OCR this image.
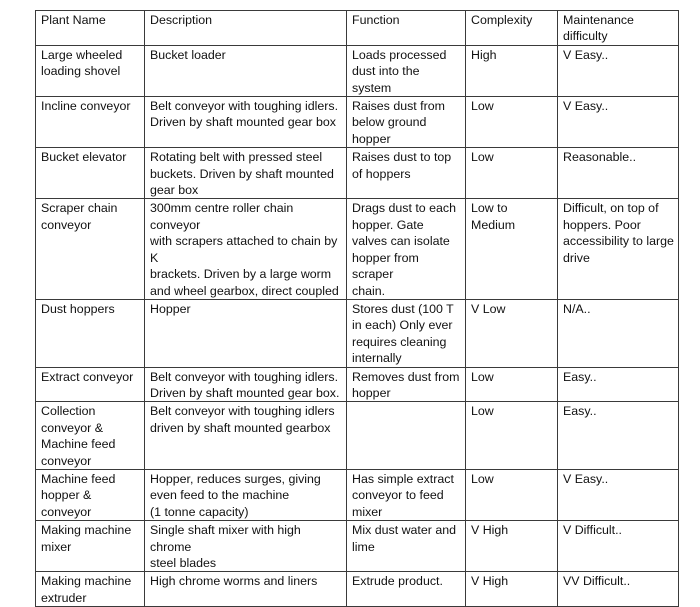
Plant Name	Description	Function	Complexity	Maintenance
difficulty
Large wheeled
loading shovel	Bucket loader	Loads processed
dust into the system	High	V Easy..
Incline conveyor	Belt conveyor with toughing idlers.
Driven by shaft mounted gear box	Raises dust from
below ground
hopper	Low	V Easy..
Bucket elevator	Rotating belt with pressed steel
buckets. Driven by shaft mounted
gear box	Raises dust to top
of hoppers	Low	Reasonable..
Scraper chain
conveyor	300mm centre roller chain conveyor
with scrapers attached to chain by K
brackets. Driven by a large worm
and wheel gearbox, direct coupled	Drags dust to each
hopper. Gate
valves can isolate
hopper from scraper
chain.	Low to
Medium	Difficult, on top of
hoppers. Poor
accessibility to large
drive
Dust hoppers	Hopper	Stores dust (100 T
in each) Only ever
requires cleaning
internally	V Low	N/A..
Extract conveyor	Belt conveyor with toughing idlers.
Driven by shaft mounted gear box.	Removes dust from
hopper	Low	Easy..
Collection
conveyor &
Machine feed
conveyor	Belt conveyor with toughing idlers
driven by shaft mounted gearbox		Low	Easy..
Machine feed
hopper &
conveyor	Hopper, reduces surges, giving
even feed to the machine
(1 tonne capacity)	Has simple extract
conveyor to feed
mixer	Low	V Easy..
Making machine
mixer	Single shaft mixer with high chrome
steel blades	Mix dust water and
lime	V High	V Difficult..
Making machine
extruder	High chrome worms and liners	Extrude product.	V High	VV Difficult..
